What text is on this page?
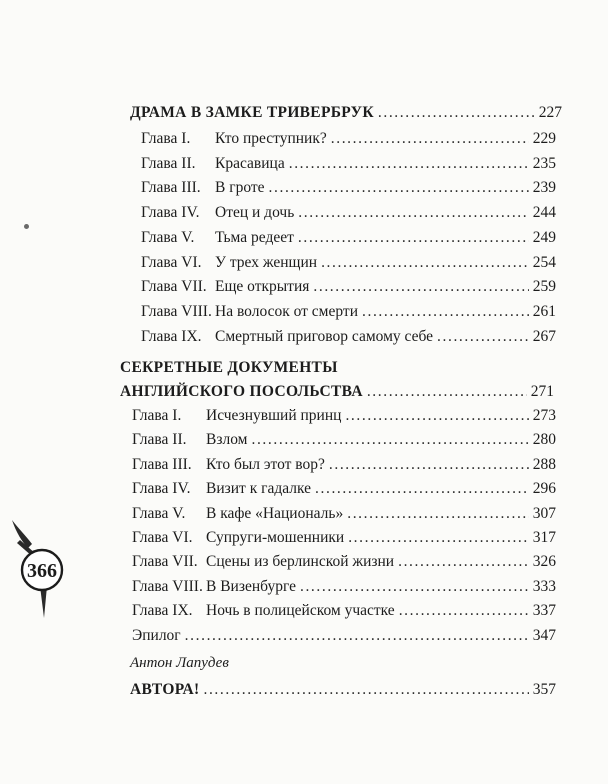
ДРАМА В ЗАМКЕ ТРИВЕРБРУК .....	227
Глава I.	Кто преступник? .....	229
Глава II.	Красавица .....	235
Глава III. В гроте .....	239
Глава IV. Отец и дочь .....	244
Глава V.	Тьма редеет .....	249
Глава VI. У трех женщин .....	254
Глава VII. Еще открытия .....	259
Глава VIII. На волосок от смерти .....	261
Глава IX. Смертный приговор самому себе .....	267
СЕКРЕТНЫЕ ДОКУМЕНТЫ
АНГЛИЙСКОГО ПОСОЛЬСТВА .....	271
Глава I.	Исчезнувший принц .....	273
Глава II.	Взлом .....	280
Глава III. Кто был этот вор? .....	288
Глава IV. Визит к гадалке .....	296
Глава V.	В кафе «Националь» .....	307
Глава VI. Супруги-мошенники .....	317
Глава VII. Сцены из берлинской жизни .....	326
Глава VIII. В Визенбурге .....	333
Глава IX. Ночь в полицейском участке .....	337
Эпилог .....	347
Антон Лапудев
АВТОРА! .....	357
366
